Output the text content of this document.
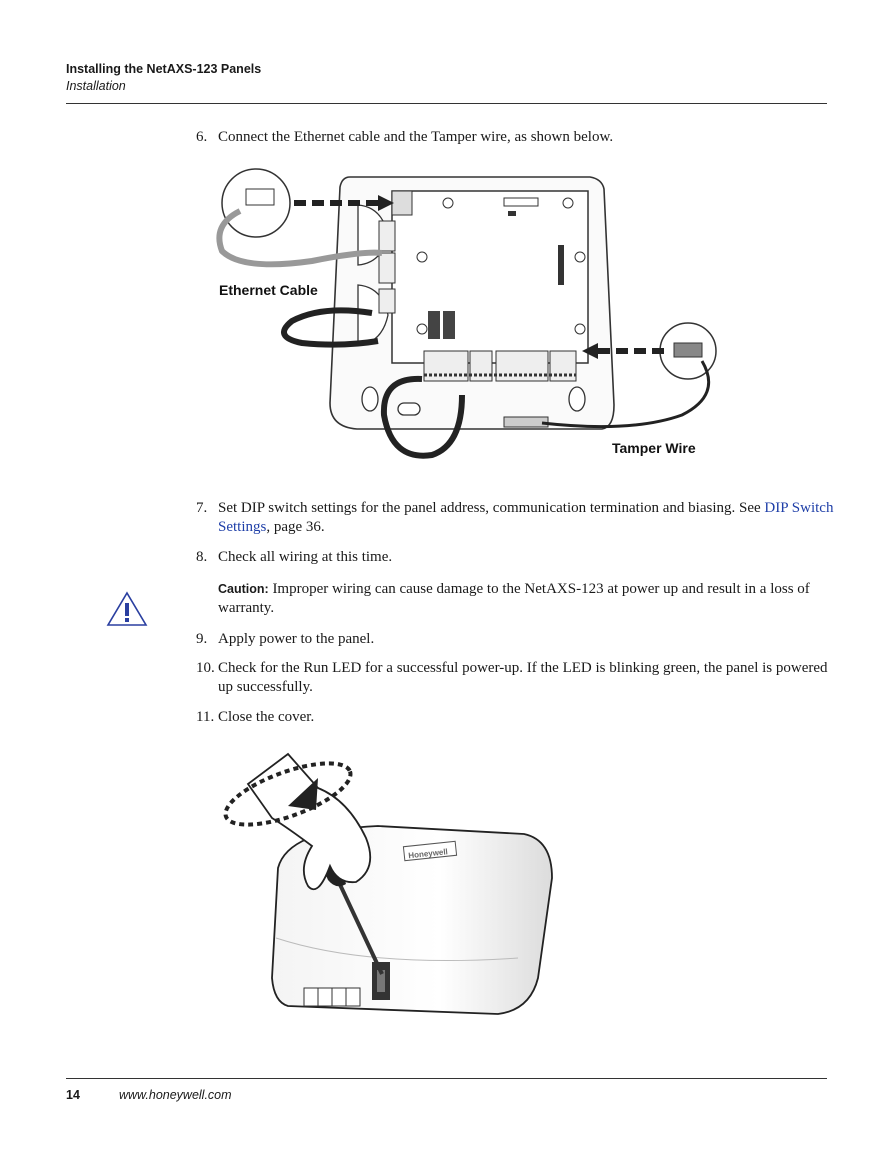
Installing the NetAXS-123 Panels
Installation
6. Connect the Ethernet cable and the Tamper wire, as shown below.
Ethernet Cable
Tamper Wire
7. Set DIP switch settings for the panel address, communication termination and biasing. See DIP Switch Settings, page 36.
8. Check all wiring at this time.
Caution: Improper wiring can cause damage to the NetAXS-123 at power up and result in a loss of warranty.
9. Apply power to the panel.
10. Check for the Run LED for a successful power-up. If the LED is blinking green, the panel is powered up successfully.
11. Close the cover.
Honeywell
14	www.honeywell.com
